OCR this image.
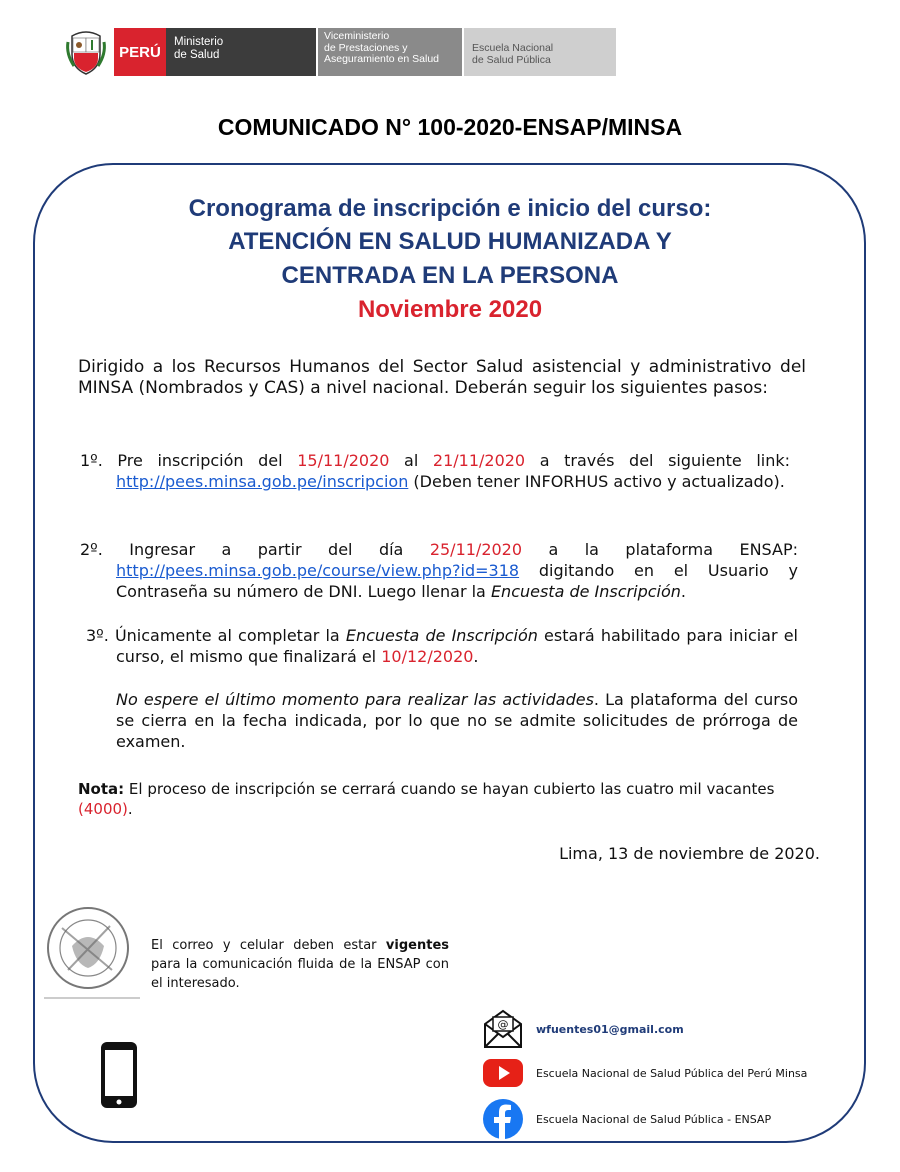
PERÚ
Ministerio
de Salud
Viceministerio
de Prestaciones y
Aseguramiento en Salud
Escuela Nacional
de Salud Pública
COMUNICADO N° 100-2020-ENSAP/MINSA
Cronograma de inscripción e inicio del curso:
ATENCIÓN EN SALUD HUMANIZADA Y
CENTRADA EN LA PERSONA
Noviembre 2020
Dirigido a los Recursos Humanos del Sector Salud asistencial y administrativo del MINSA (Nombrados y CAS) a nivel nacional. Deberán seguir los siguientes pasos:
1º. Pre inscripción del 15/11/2020 al 21/11/2020 a través del siguiente link: http://pees.minsa.gob.pe/inscripcion (Deben tener INFORHUS activo y actualizado).
2º. Ingresar a partir del día 25/11/2020 a la plataforma ENSAP: http://pees.minsa.gob.pe/course/view.php?id=318 digitando en el Usuario y Contraseña su número de DNI. Luego llenar la Encuesta de Inscripción.
3º. Únicamente al completar la Encuesta de Inscripción estará habilitado para iniciar el curso, el mismo que finalizará el 10/12/2020.
No espere el último momento para realizar las actividades. La plataforma del curso se cierra en la fecha indicada, por lo que no se admite solicitudes de prórroga de examen.
Nota: El proceso de inscripción se cerrará cuando se hayan cubierto las cuatro mil vacantes (4000).
Lima, 13 de noviembre de 2020.
El correo y celular deben estar vigentes para la comunicación fluida de la ENSAP con el interesado.
@	wfuentes01@gmail.com
Escuela Nacional de Salud Pública del Perú Minsa
Escuela Nacional de Salud Pública - ENSAP
